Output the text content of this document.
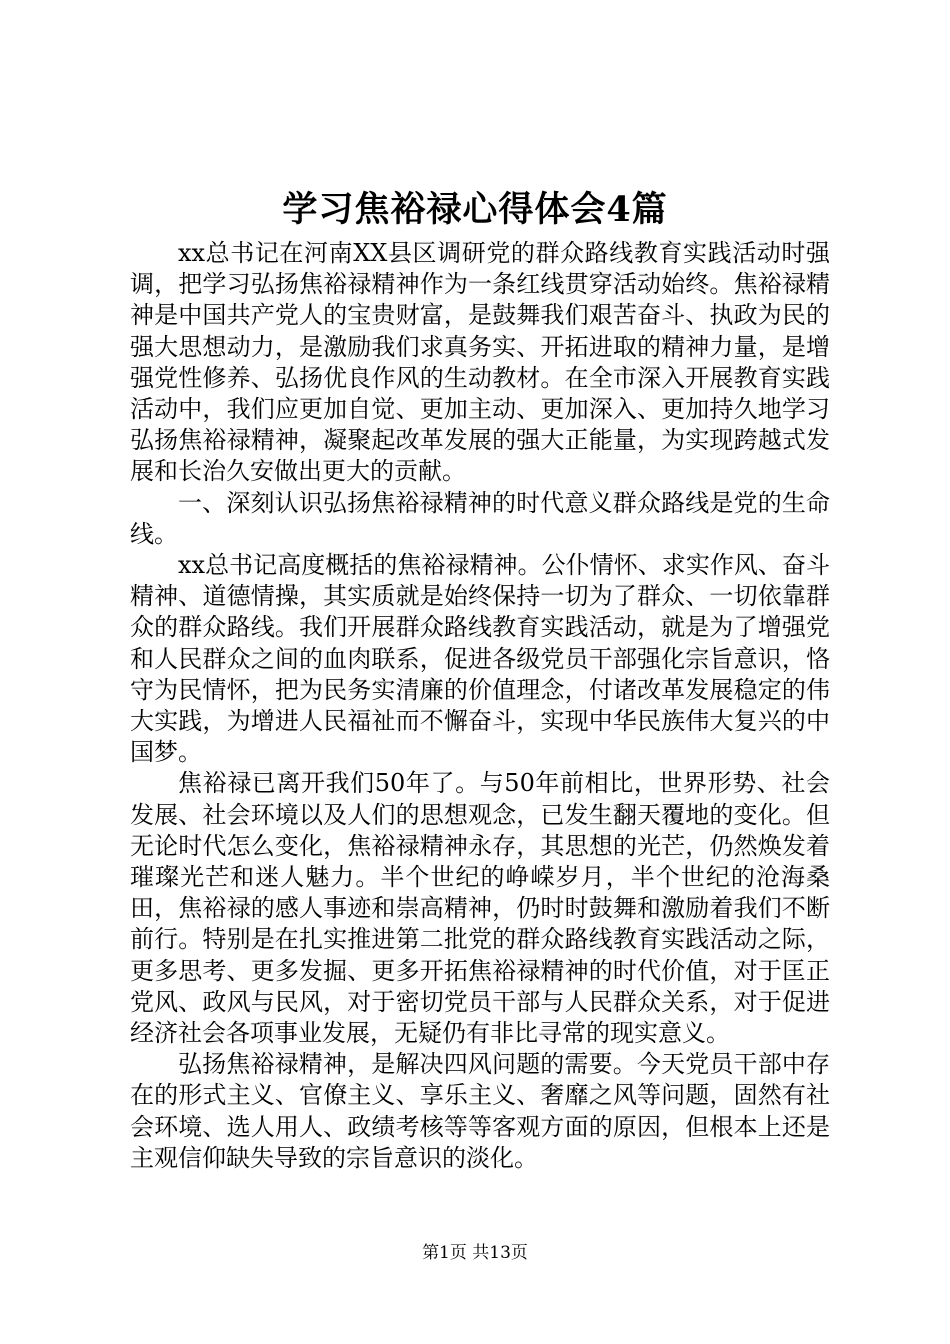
学习焦裕禄心得体会4篇

xx总书记在河南XX县区调研党的群众路线教育实践活动时强调，把学习弘扬焦裕禄精神作为一条红线贯穿活动始终。焦裕禄精神是中国共产党人的宝贵财富，是鼓舞我们艰苦奋斗、执政为民的强大思想动力，是激励我们求真务实、开拓进取的精神力量，是增强党性修养、弘扬优良作风的生动教材。在全市深入开展教育实践活动中，我们应更加自觉、更加主动、更加深入、更加持久地学习弘扬焦裕禄精神，凝聚起改革发展的强大正能量，为实现跨越式发展和长治久安做出更大的贡献。

一、深刻认识弘扬焦裕禄精神的时代意义群众路线是党的生命线。

xx总书记高度概括的焦裕禄精神。公仆情怀、求实作风、奋斗精神、道德情操，其实质就是始终保持一切为了群众、一切依靠群众的群众路线。我们开展群众路线教育实践活动，就是为了增强党和人民群众之间的血肉联系，促进各级党员干部强化宗旨意识，恪守为民情怀，把为民务实清廉的价值理念，付诸改革发展稳定的伟大实践，为增进人民福祉而不懈奋斗，实现中华民族伟大复兴的中国梦。

焦裕禄已离开我们50年了。与50年前相比，世界形势、社会发展、社会环境以及人们的思想观念，已发生翻天覆地的变化。但无论时代怎么变化，焦裕禄精神永存，其思想的光芒，仍然焕发着璀璨光芒和迷人魅力。半个世纪的峥嵘岁月，半个世纪的沧海桑田，焦裕禄的感人事迹和崇高精神，仍时时鼓舞和激励着我们不断前行。特别是在扎实推进第二批党的群众路线教育实践活动之际，更多思考、更多发掘、更多开拓焦裕禄精神的时代价值，对于匡正党风、政风与民风，对于密切党员干部与人民群众关系，对于促进经济社会各项事业发展，无疑仍有非比寻常的现实意义。

弘扬焦裕禄精神，是解决四风问题的需要。今天党员干部中存在的形式主义、官僚主义、享乐主义、奢靡之风等问题，固然有社会环境、选人用人、政绩考核等等客观方面的原因，但根本上还是主观信仰缺失导致的宗旨意识的淡化。

第1页 共13页
